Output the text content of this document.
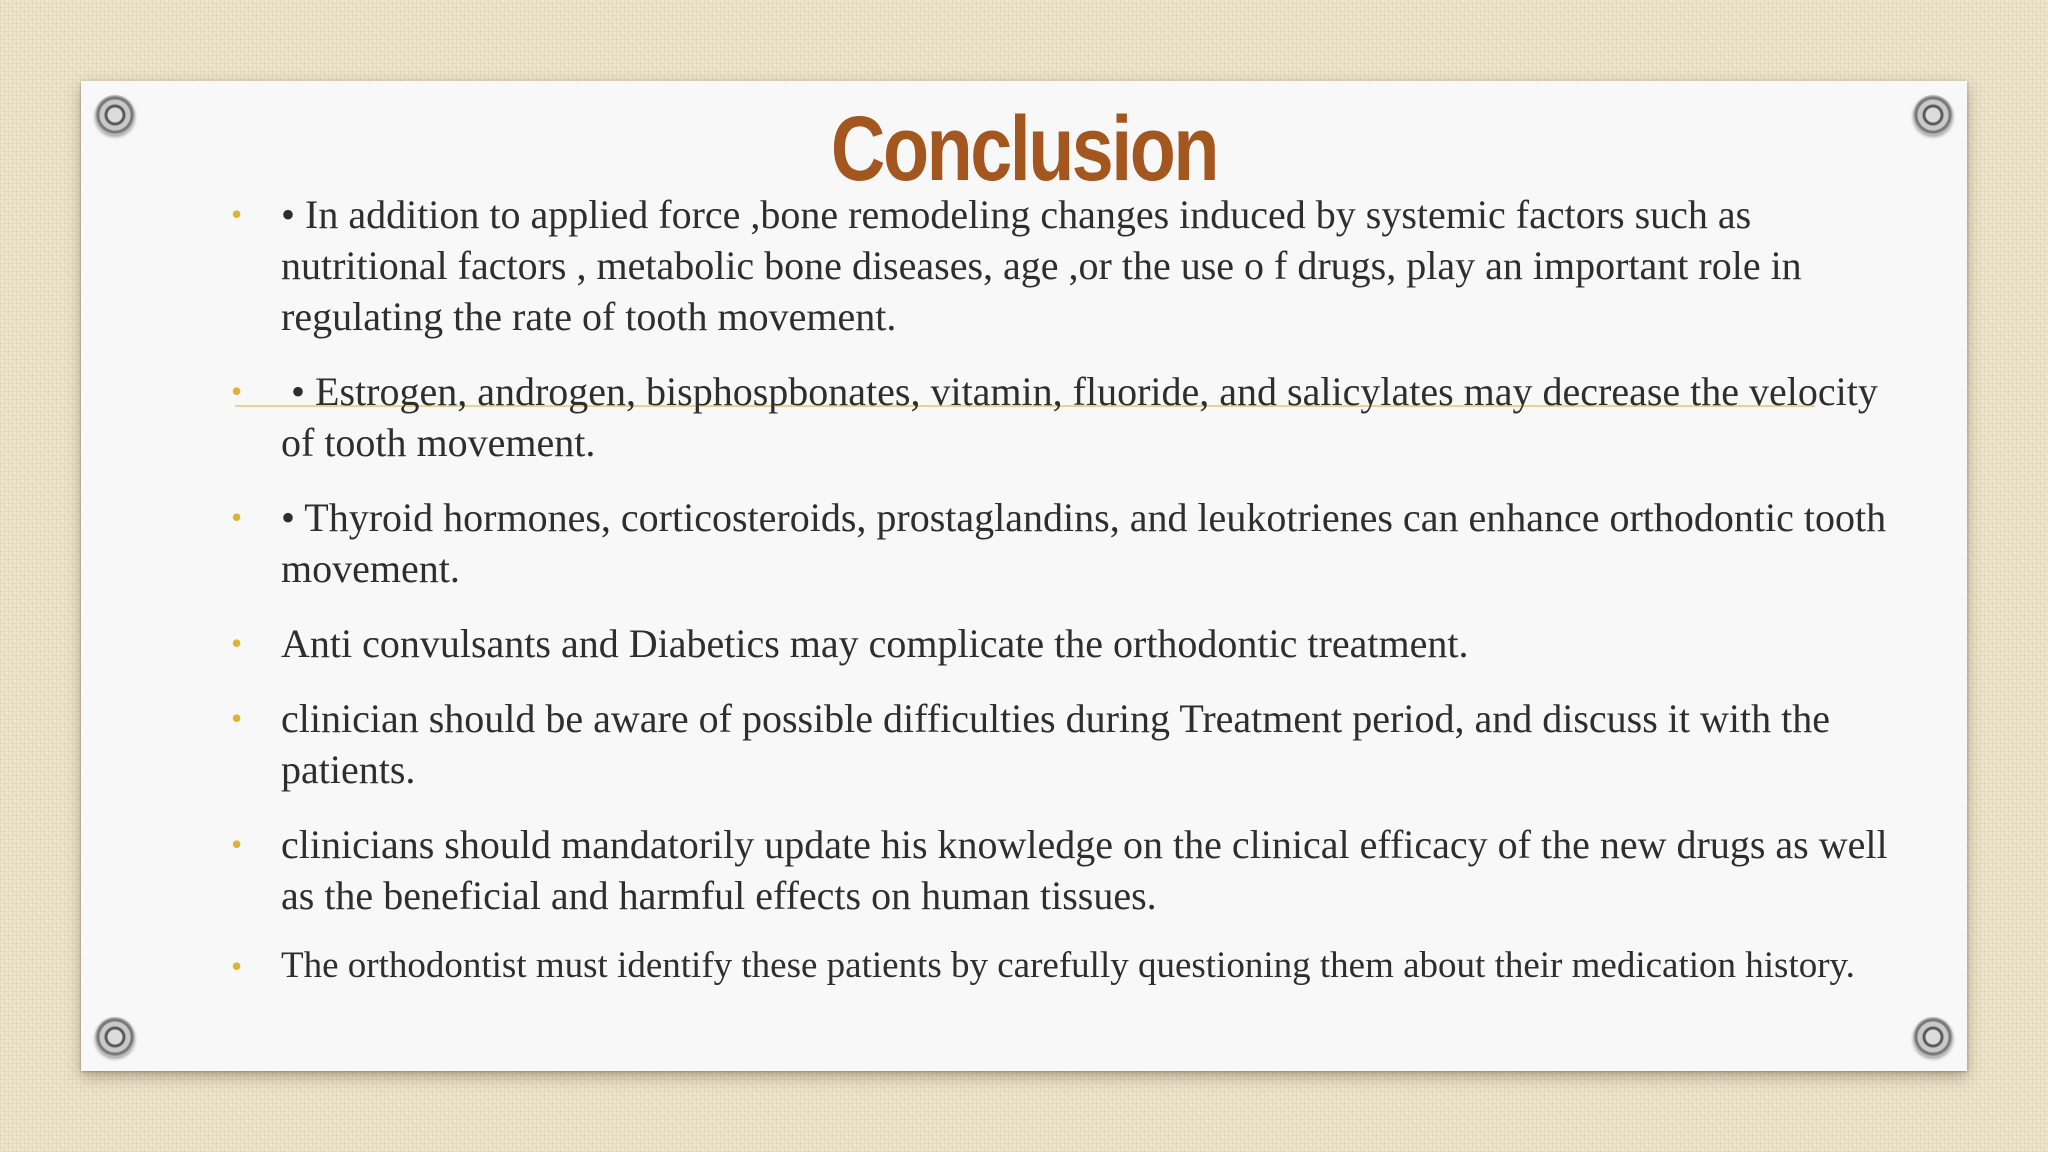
Conclusion
• • In addition to applied force ,bone remodeling changes induced by systemic factors such as nutritional factors , metabolic bone diseases, age ,or the use o f drugs, play an important role in regulating the rate of tooth movement.
• • Estrogen, androgen, bisphospbonates, vitamin, fluoride, and salicylates may decrease the velocity of tooth movement.
• • Thyroid hormones, corticosteroids, prostaglandins, and leukotrienes can enhance orthodontic tooth movement.
• Anti convulsants and Diabetics may complicate the orthodontic treatment.
• clinician should be aware of possible difficulties during Treatment period, and discuss it with the patients.
• clinicians should mandatorily update his knowledge on the clinical efficacy of the new drugs as well as the beneficial and harmful effects on human tissues.
• The orthodontist must identify these patients by carefully questioning them about their medication history.
